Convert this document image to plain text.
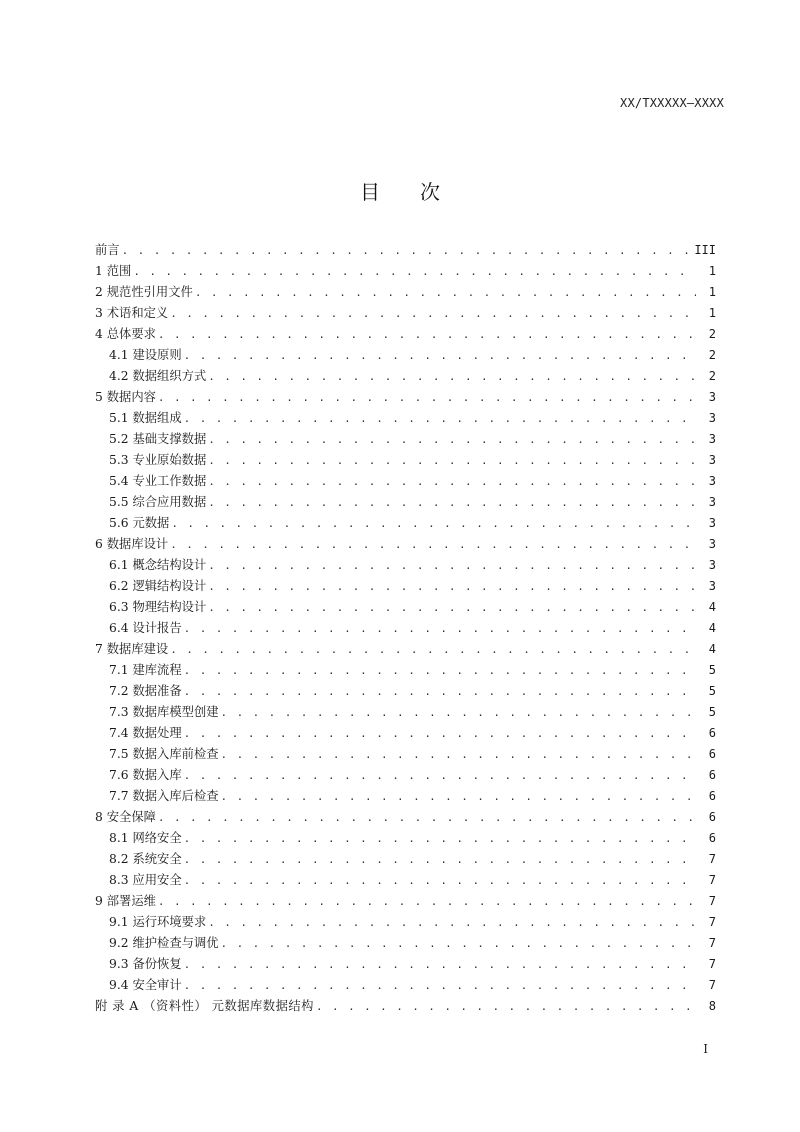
XX/TXXXXX—XXXX
目次
前言 . . .	III
1 范围 . . .	1
2 规范性引用文件 . . .	1
3 术语和定义 . . .	1
4 总体要求 . . .	2
4.1 建设原则 . . .	2
4.2 数据组织方式 . . .	2
5 数据内容 . . .	3
5.1 数据组成 . . .	3
5.2 基础支撑数据 . . .	3
5.3 专业原始数据 . . .	3
5.4 专业工作数据 . . .	3
5.5 综合应用数据 . . .	3
5.6 元数据 . . .	3
6 数据库设计 . . .	3
6.1 概念结构设计 . . .	3
6.2 逻辑结构设计 . . .	3
6.3 物理结构设计 . . .	4
6.4 设计报告 . . .	4
7 数据库建设 . . .	4
7.1 建库流程 . . .	5
7.2 数据准备 . . .	5
7.3 数据库模型创建 . . .	5
7.4 数据处理 . . .	6
7.5 数据入库前检查 . . .	6
7.6 数据入库 . . .	6
7.7 数据入库后检查 . . .	6
8 安全保障 . . .	6
8.1 网络安全 . . .	6
8.2 系统安全 . . .	7
8.3 应用安全 . . .	7
9 部署运维 . . .	7
9.1 运行环境要求 . . .	7
9.2 维护检查与调优 . . .	7
9.3 备份恢复 . . .	7
9.4 安全审计 . . .	7
附 录 A （资料性） 元数据库数据结构 . . .	8
I
